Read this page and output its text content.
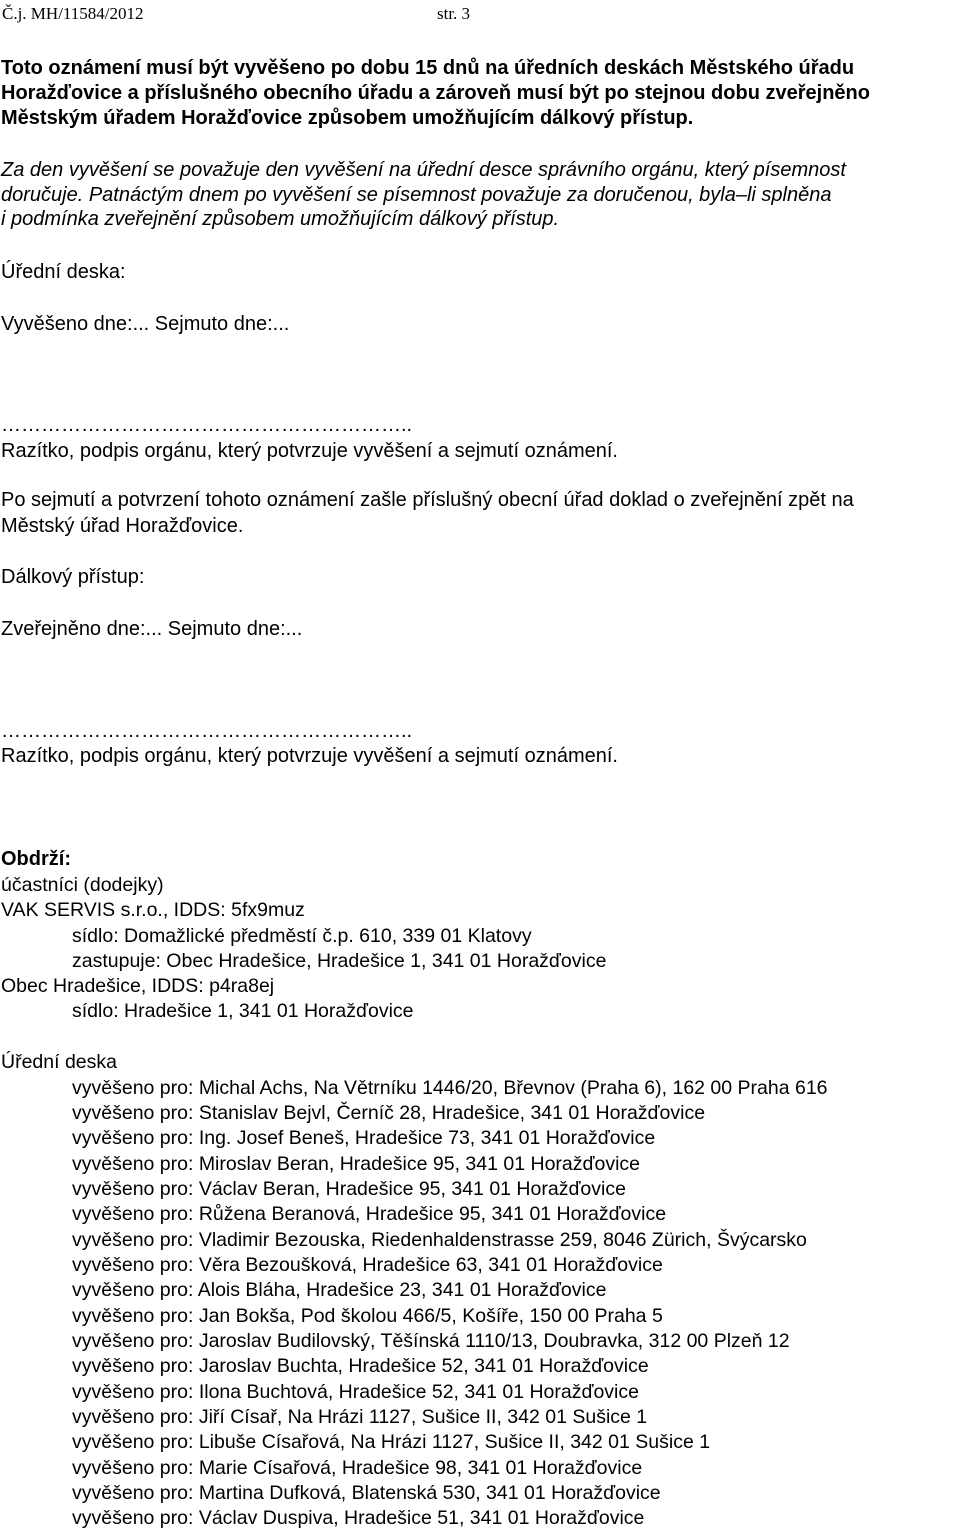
Č.j. MH/11584/2012	str. 3
Toto oznámení musí být vyvěšeno po dobu 15 dnů na úředních deskách Městského úřadu
Horažďovice a příslušného obecního úřadu a zároveň musí být po stejnou dobu zveřejněno
Městským úřadem Horažďovice způsobem umožňujícím dálkový přístup.
Za den vyvěšení se považuje den vyvěšení na úřední desce správního orgánu, který písemnost
doručuje. Patnáctým dnem po vyvěšení se písemnost považuje za doručenou, byla–li splněna
i podmínka zveřejnění způsobem umožňujícím dálkový přístup.
Úřední deska:
Vyvěšeno dne:... Sejmuto dne:...
……………………………………………………..
Razítko, podpis orgánu, který potvrzuje vyvěšení a sejmutí oznámení.
Po sejmutí a potvrzení tohoto oznámení zašle příslušný obecní úřad doklad o zveřejnění zpět na
Městský úřad Horažďovice.
Dálkový přístup:
Zveřejněno dne:... Sejmuto dne:...
……………………………………………………..
Razítko, podpis orgánu, který potvrzuje vyvěšení a sejmutí oznámení.
Obdrží:
účastníci (dodejky)
VAK SERVIS s.r.o., IDDS: 5fx9muz
sídlo: Domažlické předměstí č.p. 610, 339 01 Klatovy
zastupuje: Obec Hradešice, Hradešice 1, 341 01 Horažďovice
Obec Hradešice, IDDS: p4ra8ej
sídlo: Hradešice 1, 341 01 Horažďovice
Úřední deska
vyvěšeno pro: Michal Achs, Na Větrníku 1446/20, Břevnov (Praha 6), 162 00 Praha 616
vyvěšeno pro: Stanislav Bejvl, Černíč 28, Hradešice, 341 01 Horažďovice
vyvěšeno pro: Ing. Josef Beneš, Hradešice 73, 341 01 Horažďovice
vyvěšeno pro: Miroslav Beran, Hradešice 95, 341 01 Horažďovice
vyvěšeno pro: Václav Beran, Hradešice 95, 341 01 Horažďovice
vyvěšeno pro: Růžena Beranová, Hradešice 95, 341 01 Horažďovice
vyvěšeno pro: Vladimir Bezouska, Riedenhaldenstrasse 259, 8046 Zürich, Švýcarsko
vyvěšeno pro: Věra Bezoušková, Hradešice 63, 341 01 Horažďovice
vyvěšeno pro: Alois Bláha, Hradešice 23, 341 01 Horažďovice
vyvěšeno pro: Jan Bokša, Pod školou 466/5, Košíře, 150 00 Praha 5
vyvěšeno pro: Jaroslav Budilovský, Těšínská 1110/13, Doubravka, 312 00 Plzeň 12
vyvěšeno pro: Jaroslav Buchta, Hradešice 52, 341 01 Horažďovice
vyvěšeno pro: Ilona Buchtová, Hradešice 52, 341 01 Horažďovice
vyvěšeno pro: Jiří Císař, Na Hrázi 1127, Sušice II, 342 01 Sušice 1
vyvěšeno pro: Libuše Císařová, Na Hrázi 1127, Sušice II, 342 01 Sušice 1
vyvěšeno pro: Marie Císařová, Hradešice 98, 341 01 Horažďovice
vyvěšeno pro: Martina Dufková, Blatenská 530, 341 01 Horažďovice
vyvěšeno pro: Václav Duspiva, Hradešice 51, 341 01 Horažďovice
